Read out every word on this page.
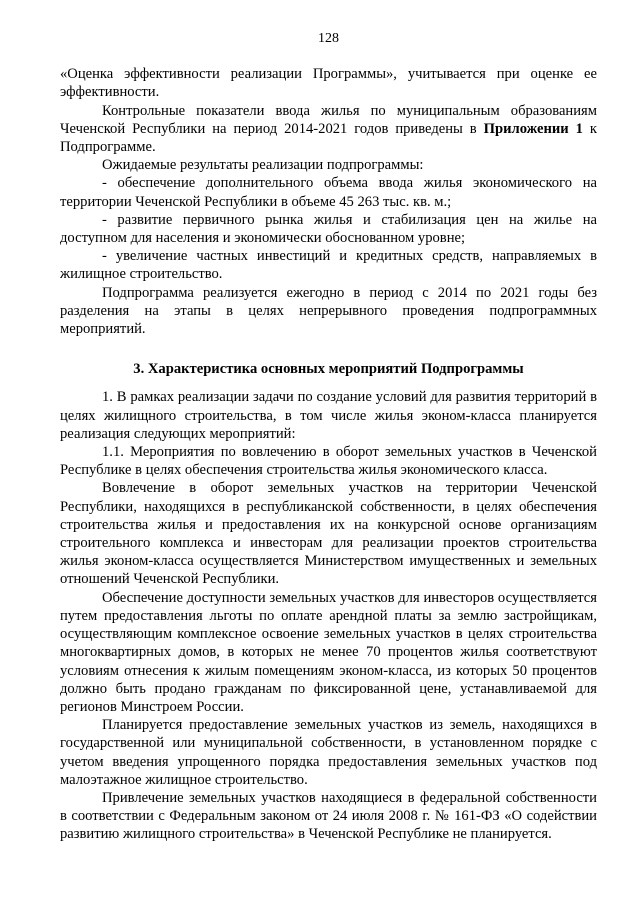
128

«Оценка эффективности реализации Программы», учитывается при оценке ее эффективности.

Контрольные показатели ввода жилья по муниципальным образованиям Чеченской Республики на период 2014-2021 годов приведены в Приложении 1 к Подпрограмме.

Ожидаемые результаты реализации подпрограммы:

- обеспечение дополнительного объема ввода жилья экономического на территории Чеченской Республики в объеме 45 263 тыс. кв. м.;

- развитие первичного рынка жилья и стабилизация цен на жилье на доступном для населения и экономически обоснованном уровне;

- увеличение частных инвестиций и кредитных средств, направляемых в жилищное строительство.

Подпрограмма реализуется ежегодно в период с 2014 по 2021 годы без разделения на этапы в целях непрерывного проведения подпрограммных мероприятий.

3. Характеристика основных мероприятий Подпрограммы

1. В рамках реализации задачи по создание условий для развития территорий в целях жилищного строительства, в том числе жилья эконом-класса планируется реализация следующих мероприятий:

1.1. Мероприятия по вовлечению в оборот земельных участков в Чеченской Республике в целях обеспечения строительства жилья экономического класса.

Вовлечение в оборот земельных участков на территории Чеченской Республики, находящихся в республиканской собственности, в целях обеспечения строительства жилья и предоставления их на конкурсной основе организациям строительного комплекса и инвесторам для реализации проектов строительства жилья эконом-класса осуществляется Министерством имущественных и земельных отношений Чеченской Республики.

Обеспечение доступности земельных участков для инвесторов осуществляется путем предоставления льготы по оплате арендной платы за землю застройщикам, осуществляющим комплексное освоение земельных участков в целях строительства многоквартирных домов, в которых не менее 70 процентов жилья соответствуют условиям отнесения к жилым помещениям эконом-класса, из которых 50 процентов должно быть продано гражданам по фиксированной цене, устанавливаемой для регионов Минстроем России.

Планируется предоставление земельных участков из земель, находящихся в государственной или муниципальной собственности, в установленном порядке с учетом введения упрощенного порядка предоставления земельных участков под малоэтажное жилищное строительство.

Привлечение земельных участков находящиеся в федеральной собственности в соответствии с Федеральным законом от 24 июля 2008 г. № 161-ФЗ «О содействии развитию жилищного строительства» в Чеченской Республике не планируется.
